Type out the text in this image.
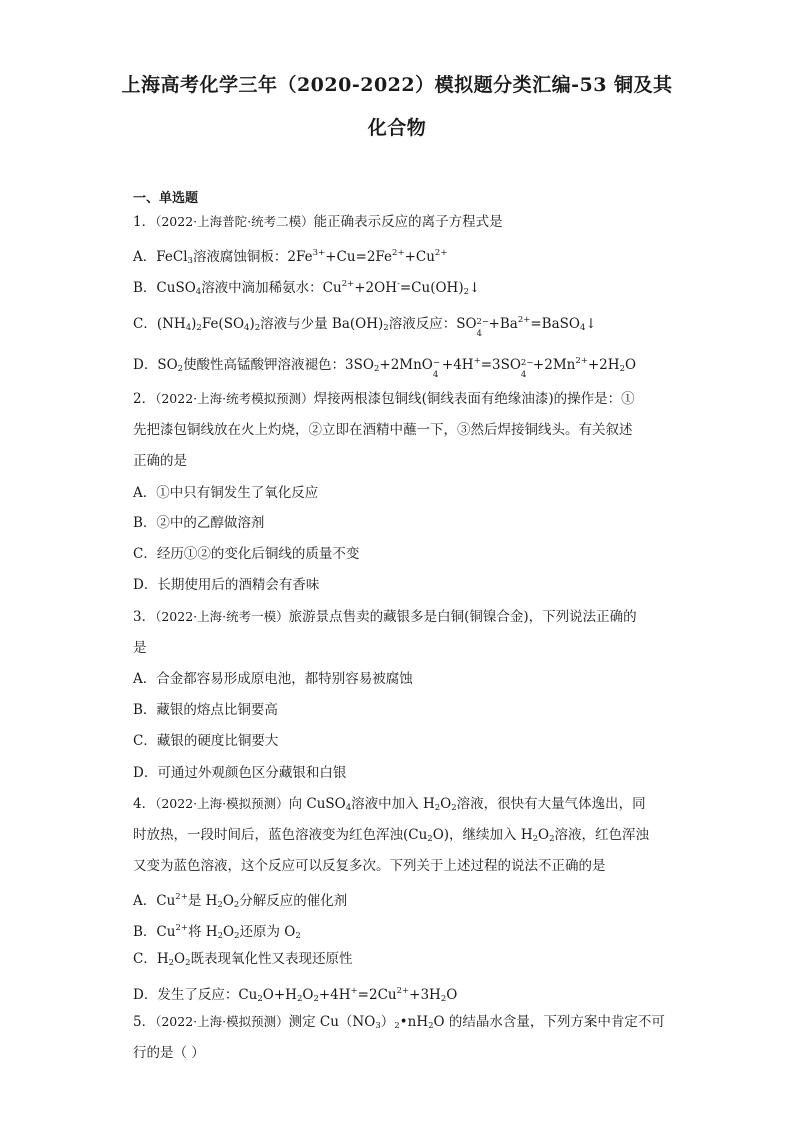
上海高考化学三年（2020-2022）模拟题分类汇编-53 铜及其
化合物
一、单选题
1．（2022·上海普陀·统考二模）能正确表示反应的离子方程式是
A．FeCl$_3$溶液腐蚀铜板：$2Fe^{3+}+Cu=2Fe^{2+}+Cu^{2+}$
B．CuSO$_4$溶液中滴加稀氨水：$Cu^{2+}+2OH^-=Cu(OH)_2↓$
C．$(NH_4)_2Fe(SO_4)_2$溶液与少量 $Ba(OH)_2$溶液反应：SO 2−
4
$+Ba^{2+}=BaSO_4↓$
D．$SO_2$使酸性高锰酸钾溶液褪色：$3SO_2+2MnO$ −
4
+4H+=3SO 2−
4
$+2Mn^{2+}+2H_2O$
2．（2022·上海·统考模拟预测）焊接两根漆包铜线(铜线表面有绝缘油漆)的操作是：①
先把漆包铜线放在火上灼烧，②立即在酒精中蘸一下，③然后焊接铜线头。有关叙述
正确的是
A．①中只有铜发生了氧化反应
B．②中的乙醇做溶剂
C．经历①②的变化后铜线的质量不变
D．长期使用后的酒精会有香味
3．（2022·上海·统考一模）旅游景点售卖的藏银多是白铜(铜镍合金)，下列说法正确的
是
A．合金都容易形成原电池，都特别容易被腐蚀
B．藏银的熔点比铜要高
C．藏银的硬度比铜要大
D．可通过外观颜色区分藏银和白银
4．（2022·上海·模拟预测）向 CuSO$_4$溶液中加入 $H_2O_2$溶液，很快有大量气体逸出，同
时放热，一段时间后，蓝色溶液变为红色浑浊$(Cu_2O)$，继续加入 $H_2O_2$溶液，红色浑浊
又变为蓝色溶液，这个反应可以反复多次。下列关于上述过程的说法不正确的是
A．$Cu^{2+}$是 $H_2O_2$分解反应的催化剂
B．$Cu^{2+}$将 $H_2O_2$还原为 $O_2$
C．$H_2O_2$既表现氧化性又表现还原性
D．发生了反应：$Cu_2O+H_2O_2+4H^+=2Cu^{2+}+3H_2O$
5．（2022·上海·模拟预测）测定 $Cu(NO_3)_2•nH_2O$ 的结晶水含量，下列方案中肯定不可
行的是（ ）
